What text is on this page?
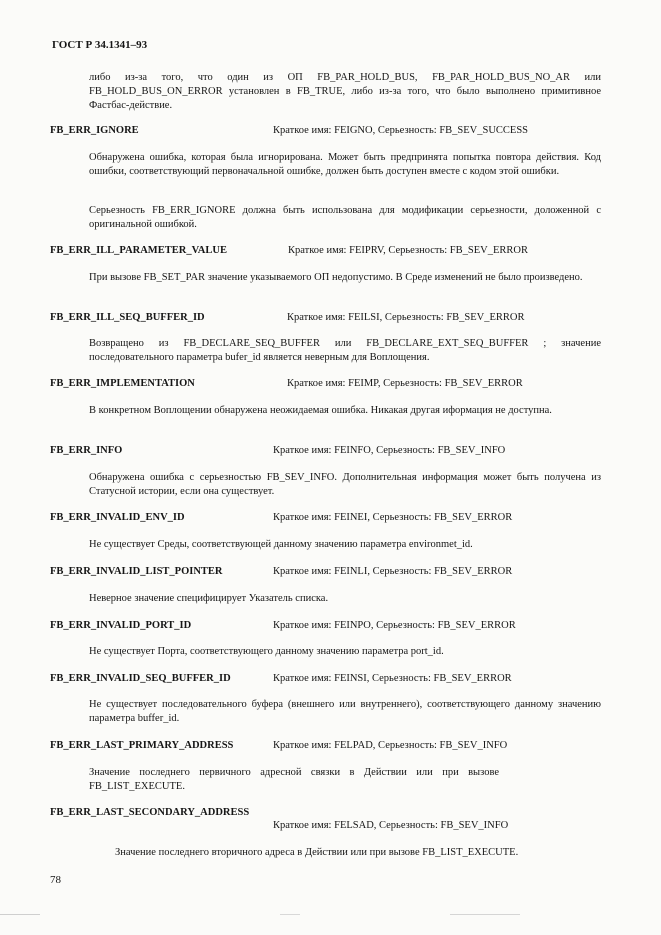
ГОСТ Р 34.1341–93
либо из-за того, что один из ОП FB_PAR_HOLD_BUS, FB_PAR_HOLD_BUS_NO_AR или FB_HOLD_BUS_ON_ERROR установлен в FB_TRUE, либо из-за того, что было выполнено примитивное Фастбас-действие.
FB_ERR_IGNORE	Краткое имя: FEIGNO, Серьезность: FB_SEV_SUCCESS
Обнаружена ошибка, которая была игнорирована. Может быть предпринята попытка повтора действия. Код ошибки, соответствующий первоначальной ошибке, должен быть доступен вместе с кодом этой ошибки.
Серьезность FB_ERR_IGNORE должна быть использована для модификации серьезности, доложенной с оригинальной ошибкой.
FB_ERR_ILL_PARAMETER_VALUE	Краткое имя: FEIPRV, Серьезность: FB_SEV_ERROR
При вызове FB_SET_PAR значение указываемого ОП недопустимо. В Среде изменений не было произведено.
FB_ERR_ILL_SEQ_BUFFER_ID	Краткое имя: FEILSI, Серьезность: FB_SEV_ERROR
Возвращено из FB_DECLARE_SEQ_BUFFER или FB_DECLARE_EXT_SEQ_BUFFER ; значение последовательного параметра bufer_id является неверным для Воплощения.
FB_ERR_IMPLEMENTATION	Краткое имя: FEIMP, Серьезность: FB_SEV_ERROR
В конкретном Воплощении обнаружена неожидаемая ошибка. Никакая другая иформация не доступна.
FB_ERR_INFO	Краткое имя: FEINFO, Серьезность: FB_SEV_INFO
Обнаружена ошибка с серьезностью FB_SEV_INFO. Дополнительная информация может быть получена из Статусной истории, если она существует.
FB_ERR_INVALID_ENV_ID	Краткое имя: FEINEI, Серьезность: FB_SEV_ERROR
Не существует Среды, соответствующей данному значению параметра environmet_id.
FB_ERR_INVALID_LIST_POINTER	Краткое имя: FEINLI, Серьезность: FB_SEV_ERROR
Неверное значение специфицирует Указатель списка.
FB_ERR_INVALID_PORT_ID	Краткое имя: FEINPO, Серьезность: FB_SEV_ERROR
Не существует Порта, соответствующего данному значению параметра port_id.
FB_ERR_INVALID_SEQ_BUFFER_ID	Краткое имя: FEINSI, Серьезность: FB_SEV_ERROR
Не существует последовательного буфера (внешнего или внутреннего), соответствующего данному значению параметра buffer_id.
FB_ERR_LAST_PRIMARY_ADDRESS	Краткое имя: FELPAD, Серьезность: FB_SEV_INFO
Значение последнего первичного адресной связки в Действии или при вызове FB_LIST_EXECUTE.
FB_ERR_LAST_SECONDARY_ADDRESS
Краткое имя: FELSAD, Серьезность: FB_SEV_INFO
Значение последнего вторичного адреса в Действии или при вызове FB_LIST_EXECUTE.
78
